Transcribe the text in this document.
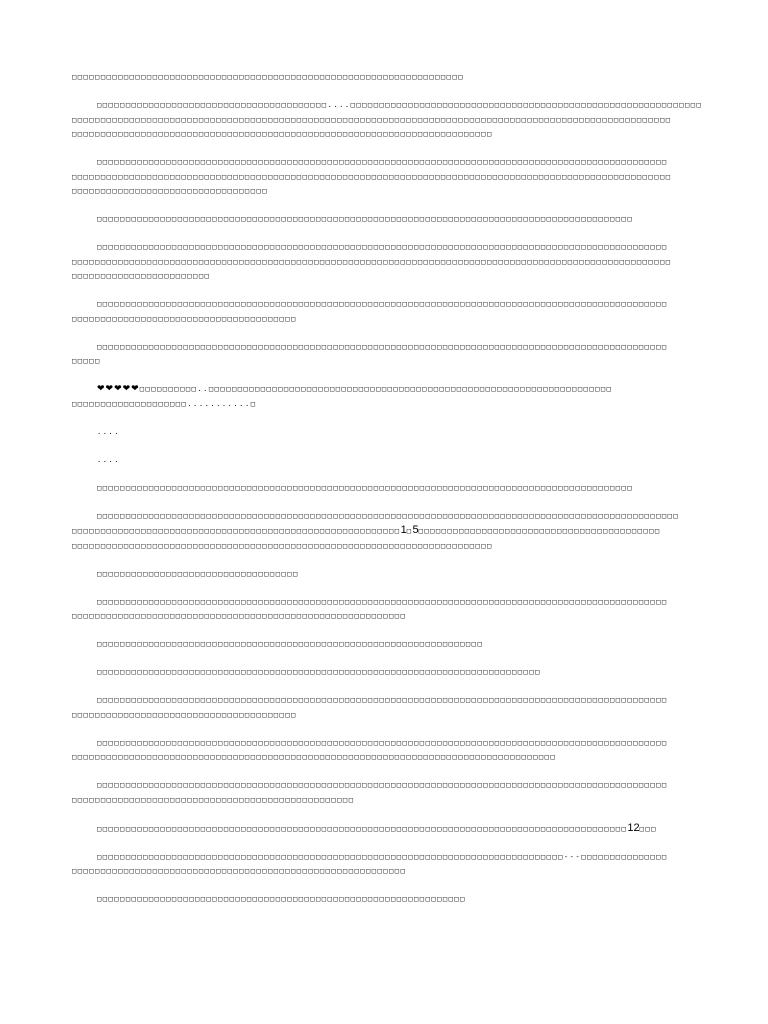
□□□□□□□□□□□□□□□□□□□□□□□□□□□□□□□□□□□□□□□□□□□□□□□□□□□□□□□□□□□□□□□□□□□□
□□□□□□□□□□□□□□□□□□□□□□□□□□□□□□□□□□□□□□□□....□□□□□□□□□□□□□□□□□□□□□□□□□□□□□□□□□□□□□□□□□□□□□□□□□□□□□□□□□□□□□
□□□□□□□□□□□□□□□□□□□□□□□□□□□□□□□□□□□□□□□□□□□□□□□□□□□□□□□□□□□□□□□□□□□□□□□□□□□□□□□□□□□□□□□□□□□□□□□□□□□□□□□□
□□□□□□□□□□□□□□□□□□□□□□□□□□□□□□□□□□□□□□□□□□□□□□□□□□□□□□□□□□□□□□□□□□□□□□□□□
□□□□□□□□□□□□□□□□□□□□□□□□□□□□□□□□□□□□□□□□□□□□□□□□□□□□□□□□□□□□□□□□□□□□□□□□□□□□□□□□□□□□□□□□□□□□□□□□□□□
□□□□□□□□□□□□□□□□□□□□□□□□□□□□□□□□□□□□□□□□□□□□□□□□□□□□□□□□□□□□□□□□□□□□□□□□□□□□□□□□□□□□□□□□□□□□□□□□□□□□□□□□
□□□□□□□□□□□□□□□□□□□□□□□□□□□□□□□□□□
□□□□□□□□□□□□□□□□□□□□□□□□□□□□□□□□□□□□□□□□□□□□□□□□□□□□□□□□□□□□□□□□□□□□□□□□□□□□□□□□□□□□□□□□□□□□□
□□□□□□□□□□□□□□□□□□□□□□□□□□□□□□□□□□□□□□□□□□□□□□□□□□□□□□□□□□□□□□□□□□□□□□□□□□□□□□□□□□□□□□□□□□□□□□□□□□□
□□□□□□□□□□□□□□□□□□□□□□□□□□□□□□□□□□□□□□□□□□□□□□□□□□□□□□□□□□□□□□□□□□□□□□□□□□□□□□□□□□□□□□□□□□□□□□□□□□□□□□□□
□□□□□□□□□□□□□□□□□□□□□□□□
□□□□□□□□□□□□□□□□□□□□□□□□□□□□□□□□□□□□□□□□□□□□□□□□□□□□□□□□□□□□□□□□□□□□□□□□□□□□□□□□□□□□□□□□□□□□□□□□□□□
□□□□□□□□□□□□□□□□□□□□□□□□□□□□□□□□□□□□□□□
□□□□□□□□□□□□□□□□□□□□□□□□□□□□□□□□□□□□□□□□□□□□□□□□□□□□□□□□□□□□□□□□□□□□□□□□□□□□□□□□□□□□□□□□□□□□□□□□□□□
□□□□□
❤❤❤❤❤□□□□□□□□□□..□□□□□□□□□□□□□□□□□□□□□□□□□□□□□□□□□□□□□□□□□□□□□□□□□□□□□□□□□□□□□□□□□□□□□□
□□□□□□□□□□□□□□□□□□□□...........□
....
....
□□□□□□□□□□□□□□□□□□□□□□□□□□□□□□□□□□□□□□□□□□□□□□□□□□□□□□□□□□□□□□□□□□□□□□□□□□□□□□□□□□□□□□□□□□□□□
□□□□□□□□□□□□□□□□□□□□□□□□□□□□□□□□□□□□□□□□□□□□□□□□□□□□□□□□□□□□□□□□□□□□□□□□□□□□□□□□□□□□□□□□□□□□□□□□□□□□□
□□□□□□□□□□□□□□□□□□□□□□□□□□□□□□□□□□□□□□□□□□□□□□□□□□□□□□□□□1□5□□□□□□□□□□□□□□□□□□□□□□□□□□□□□□□□□□□□□□□□□□
□□□□□□□□□□□□□□□□□□□□□□□□□□□□□□□□□□□□□□□□□□□□□□□□□□□□□□□□□□□□□□□□□□□□□□□□□
□□□□□□□□□□□□□□□□□□□□□□□□□□□□□□□□□□□
□□□□□□□□□□□□□□□□□□□□□□□□□□□□□□□□□□□□□□□□□□□□□□□□□□□□□□□□□□□□□□□□□□□□□□□□□□□□□□□□□□□□□□□□□□□□□□□□□□□
□□□□□□□□□□□□□□□□□□□□□□□□□□□□□□□□□□□□□□□□□□□□□□□□□□□□□□□□□□
□□□□□□□□□□□□□□□□□□□□□□□□□□□□□□□□□□□□□□□□□□□□□□□□□□□□□□□□□□□□□□□□□□□
□□□□□□□□□□□□□□□□□□□□□□□□□□□□□□□□□□□□□□□□□□□□□□□□□□□□□□□□□□□□□□□□□□□□□□□□□□□□□
□□□□□□□□□□□□□□□□□□□□□□□□□□□□□□□□□□□□□□□□□□□□□□□□□□□□□□□□□□□□□□□□□□□□□□□□□□□□□□□□□□□□□□□□□□□□□□□□□□□
□□□□□□□□□□□□□□□□□□□□□□□□□□□□□□□□□□□□□□□
□□□□□□□□□□□□□□□□□□□□□□□□□□□□□□□□□□□□□□□□□□□□□□□□□□□□□□□□□□□□□□□□□□□□□□□□□□□□□□□□□□□□□□□□□□□□□□□□□□□
□□□□□□□□□□□□□□□□□□□□□□□□□□□□□□□□□□□□□□□□□□□□□□□□□□□□□□□□□□□□□□□□□□□□□□□□□□□□□□□□□□□□
□□□□□□□□□□□□□□□□□□□□□□□□□□□□□□□□□□□□□□□□□□□□□□□□□□□□□□□□□□□□□□□□□□□□□□□□□□□□□□□□□□□□□□□□□□□□□□□□□□□
□□□□□□□□□□□□□□□□□□□□□□□□□□□□□□□□□□□□□□□□□□□□□□□□□
□□□□□□□□□□□□□□□□□□□□□□□□□□□□□□□□□□□□□□□□□□□□□□□□□□□□□□□□□□□□□□□□□□□□□□□□□□□□□□□□□□□□□□□□□□□□12□□□
□□□□□□□□□□□□□□□□□□□□□□□□□□□□□□□□□□□□□□□□□□□□□□□□□□□□□□□□□□□□□□□□□□□□□□□□□□□□□□□□□---□□□□□□□□□□□□□□□
□□□□□□□□□□□□□□□□□□□□□□□□□□□□□□□□□□□□□□□□□□□□□□□□□□□□□□□□□□
□□□□□□□□□□□□□□□□□□□□□□□□□□□□□□□□□□□□□□□□□□□□□□□□□□□□□□□□□□□□□□□□
